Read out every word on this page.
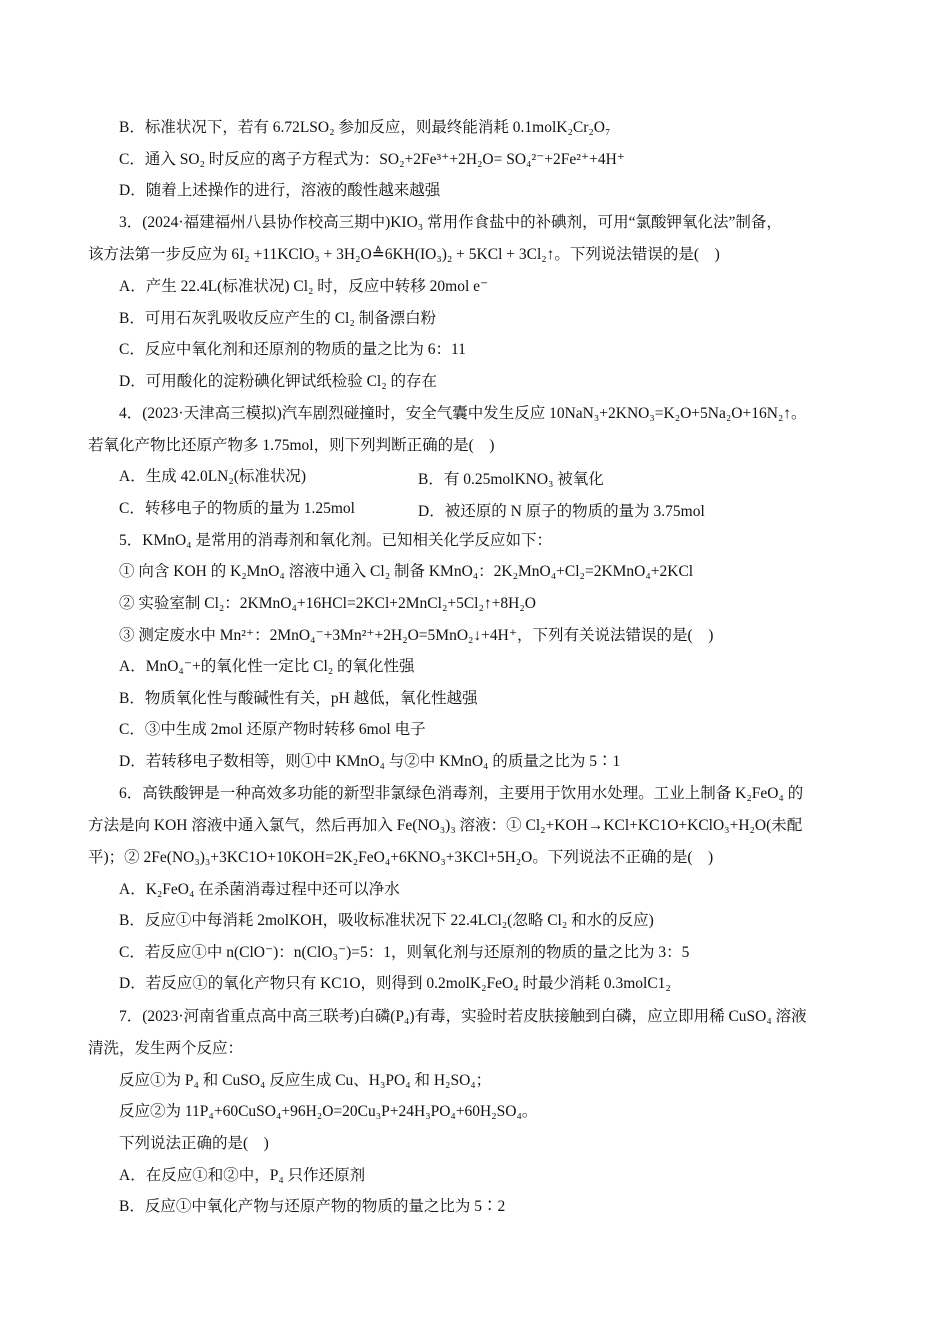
B．标准状况下，若有 6.72LSO₂ 参加反应，则最终能消耗 0.1molK₂Cr₂O₇
C．通入 SO₂ 时反应的离子方程式为：SO₂+2Fe³⁺+2H₂O= SO₄²⁻+2Fe²⁺+4H⁺
D．随着上述操作的进行，溶液的酸性越来越强
3．(2024·福建福州八县协作校高三期中)KIO₃ 常用作食盐中的补碘剂，可用“氯酸钾氧化法”制备，
该方法第一步反应为 6I₂ +11KClO₃ + 3H₂O≜6KH(IO₃)₂ + 5KCl + 3Cl₂↑。下列说法错误的是(　)
A．产生 22.4L(标准状况) Cl₂ 时，反应中转移 20mol e⁻
B．可用石灰乳吸收反应产生的 Cl₂ 制备漂白粉
C．反应中氧化剂和还原剂的物质的量之比为 6：11
D．可用酸化的淀粉碘化钾试纸检验 Cl₂ 的存在
4．(2023·天津高三模拟)汽车剧烈碰撞时，安全气囊中发生反应 10NaN₃+2KNO₃=K₂O+5Na₂O+16N₂↑。
若氧化产物比还原产物多 1.75mol，则下列判断正确的是(　)
A．生成 42.0LN₂(标准状况)	B．有 0.25molKNO₃ 被氧化
C．转移电子的物质的量为 1.25mol	D．被还原的 N 原子的物质的量为 3.75mol
5．KMnO₄ 是常用的消毒剂和氧化剂。已知相关化学反应如下：
① 向含 KOH 的 K₂MnO₄ 溶液中通入 Cl₂ 制备 KMnO₄：2K₂MnO₄+Cl₂=2KMnO₄+2KCl
② 实验室制 Cl₂：2KMnO₄+16HCl=2KCl+2MnCl₂+5Cl₂↑+8H₂O
③ 测定废水中 Mn²⁺：2MnO₄⁻+3Mn²⁺+2H₂O=5MnO₂↓+4H⁺，下列有关说法错误的是(　)
A．MnO₄⁻+的氧化性一定比 Cl₂ 的氧化性强
B．物质氧化性与酸碱性有关，pH 越低，氧化性越强
C．③中生成 2mol 还原产物时转移 6mol 电子
D．若转移电子数相等，则①中 KMnO₄ 与②中 KMnO₄ 的质量之比为 5∶1
6．高铁酸钾是一种高效多功能的新型非氯绿色消毒剂，主要用于饮用水处理。工业上制备 K₂FeO₄ 的
方法是向 KOH 溶液中通入氯气，然后再加入 Fe(NO₃)₃ 溶液：① Cl₂+KOH→KCl+KC1O+KClO₃+H₂O(未配
平)；② 2Fe(NO₃)₃+3KC1O+10KOH=2K₂FeO₄+6KNO₃+3KCl+5H₂O。下列说法不正确的是(　)
A．K₂FeO₄ 在杀菌消毒过程中还可以净水
B．反应①中每消耗 2molKOH，吸收标准状况下 22.4LCl₂(忽略 Cl₂ 和水的反应)
C．若反应①中 n(ClO⁻)：n(ClO₃⁻)=5：1，则氧化剂与还原剂的物质的量之比为 3：5
D．若反应①的氧化产物只有 KC1O，则得到 0.2molK₂FeO₄ 时最少消耗 0.3molC1₂
7．(2023·河南省重点高中高三联考)白磷(P₄)有毒，实验时若皮肤接触到白磷，应立即用稀 CuSO₄ 溶液
清洗，发生两个反应：
反应①为 P₄ 和 CuSO₄ 反应生成 Cu、H₃PO₄ 和 H₂SO₄；
反应②为 11P₄+60CuSO₄+96H₂O=20Cu₃P+24H₃PO₄+60H₂SO₄。
下列说法正确的是(　)
A．在反应①和②中，P₄ 只作还原剂
B．反应①中氧化产物与还原产物的物质的量之比为 5∶2
